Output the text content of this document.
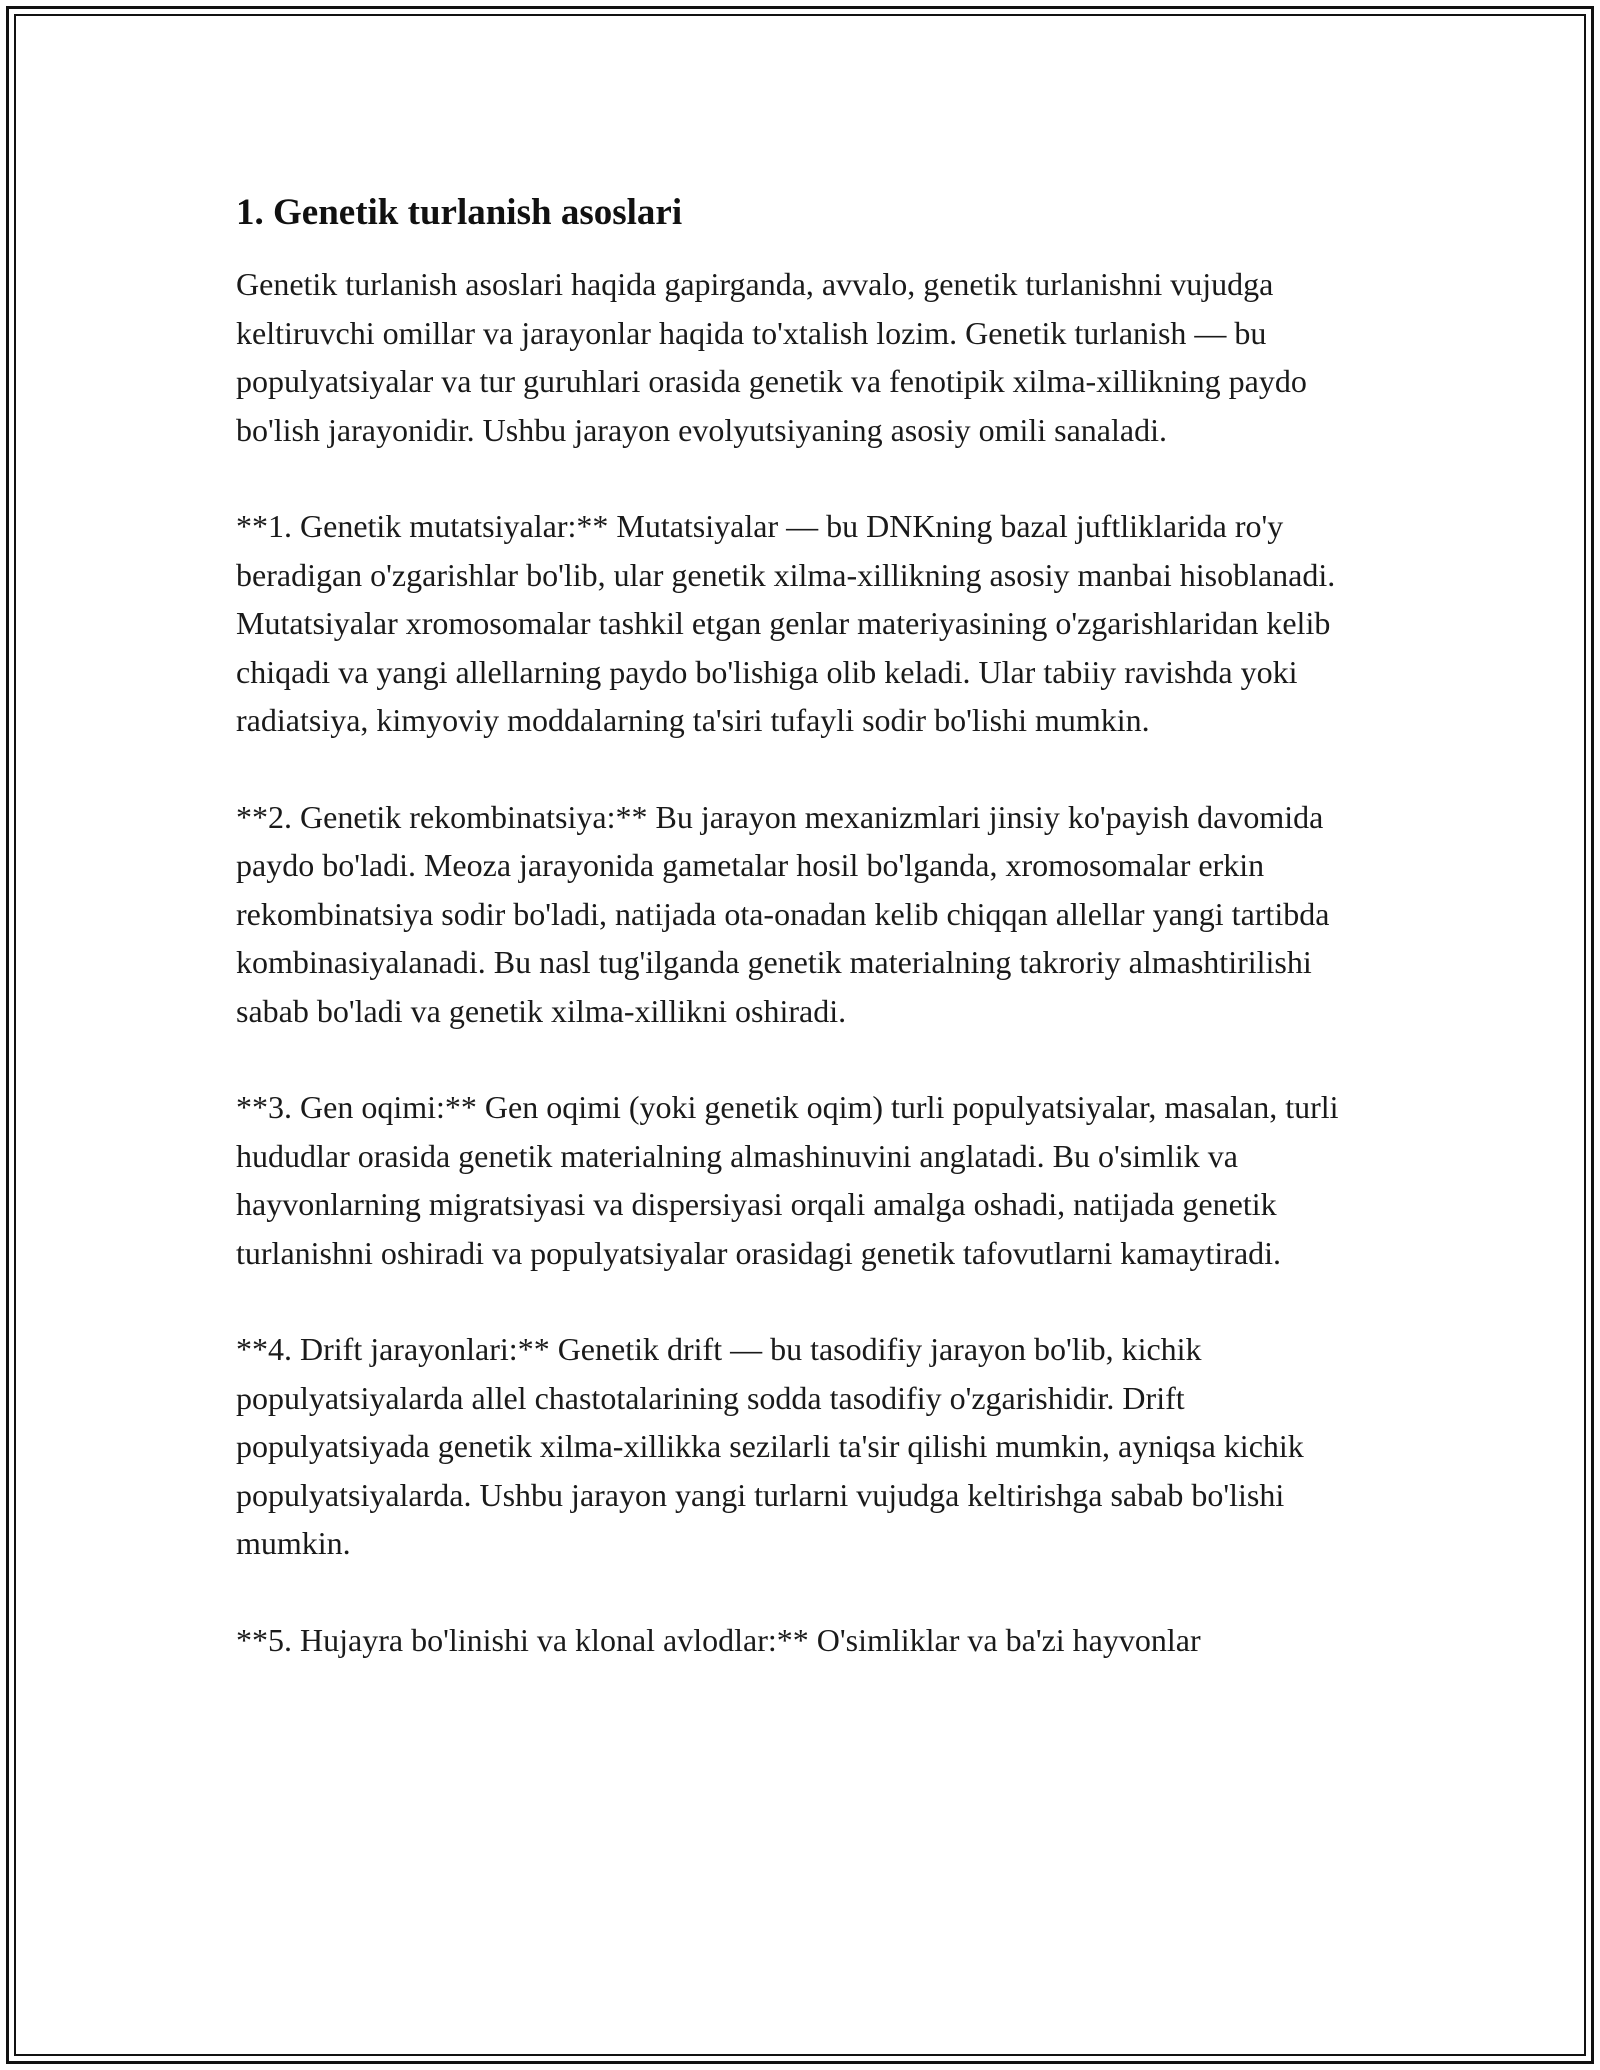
1. Genetik turlanish asoslari

Genetik turlanish asoslari haqida gapirganda, avvalo, genetik turlanishni vujudga keltiruvchi omillar va jarayonlar haqida to'xtalish lozim. Genetik turlanish — bu populyatsiyalar va tur guruhlari orasida genetik va fenotipik xilma-xillikning paydo bo'lish jarayonidir. Ushbu jarayon evolyutsiyaning asosiy omili sanaladi.

**1. Genetik mutatsiyalar:** Mutatsiyalar — bu DNKning bazal juftliklarida ro'y beradigan o'zgarishlar bo'lib, ular genetik xilma-xillikning asosiy manbai hisoblanadi. Mutatsiyalar xromosomalar tashkil etgan genlar materiyasining o'zgarishlaridan kelib chiqadi va yangi allellarning paydo bo'lishiga olib keladi. Ular tabiiy ravishda yoki radiatsiya, kimyoviy moddalarning ta'siri tufayli sodir bo'lishi mumkin.

**2. Genetik rekombinatsiya:** Bu jarayon mexanizmlari jinsiy ko'payish davomida paydo bo'ladi. Meoza jarayonida gametalar hosil bo'lganda, xromosomalar erkin rekombinatsiya sodir bo'ladi, natijada ota-onadan kelib chiqqan allellar yangi tartibda kombinasiyalanadi. Bu nasl tug'ilganda genetik materialning takroriy almashtirilishi sabab bo'ladi va genetik xilma-xillikni oshiradi.

**3. Gen oqimi:** Gen oqimi (yoki genetik oqim) turli populyatsiyalar, masalan, turli hududlar orasida genetik materialning almashinuvini anglatadi. Bu o'simlik va hayvonlarning migratsiyasi va dispersiyasi orqali amalga oshadi, natijada genetik turlanishni oshiradi va populyatsiyalar orasidagi genetik tafovutlarni kamaytiradi.

**4. Drift jarayonlari:** Genetik drift — bu tasodifiy jarayon bo'lib, kichik populyatsiyalarda allel chastotalarining sodda tasodifiy o'zgarishidir. Drift populyatsiyada genetik xilma-xillikka sezilarli ta'sir qilishi mumkin, ayniqsa kichik populyatsiyalarda. Ushbu jarayon yangi turlarni vujudga keltirishga sabab bo'lishi mumkin.

**5. Hujayra bo'linishi va klonal avlodlar:** O'simliklar va ba'zi hayvonlar
